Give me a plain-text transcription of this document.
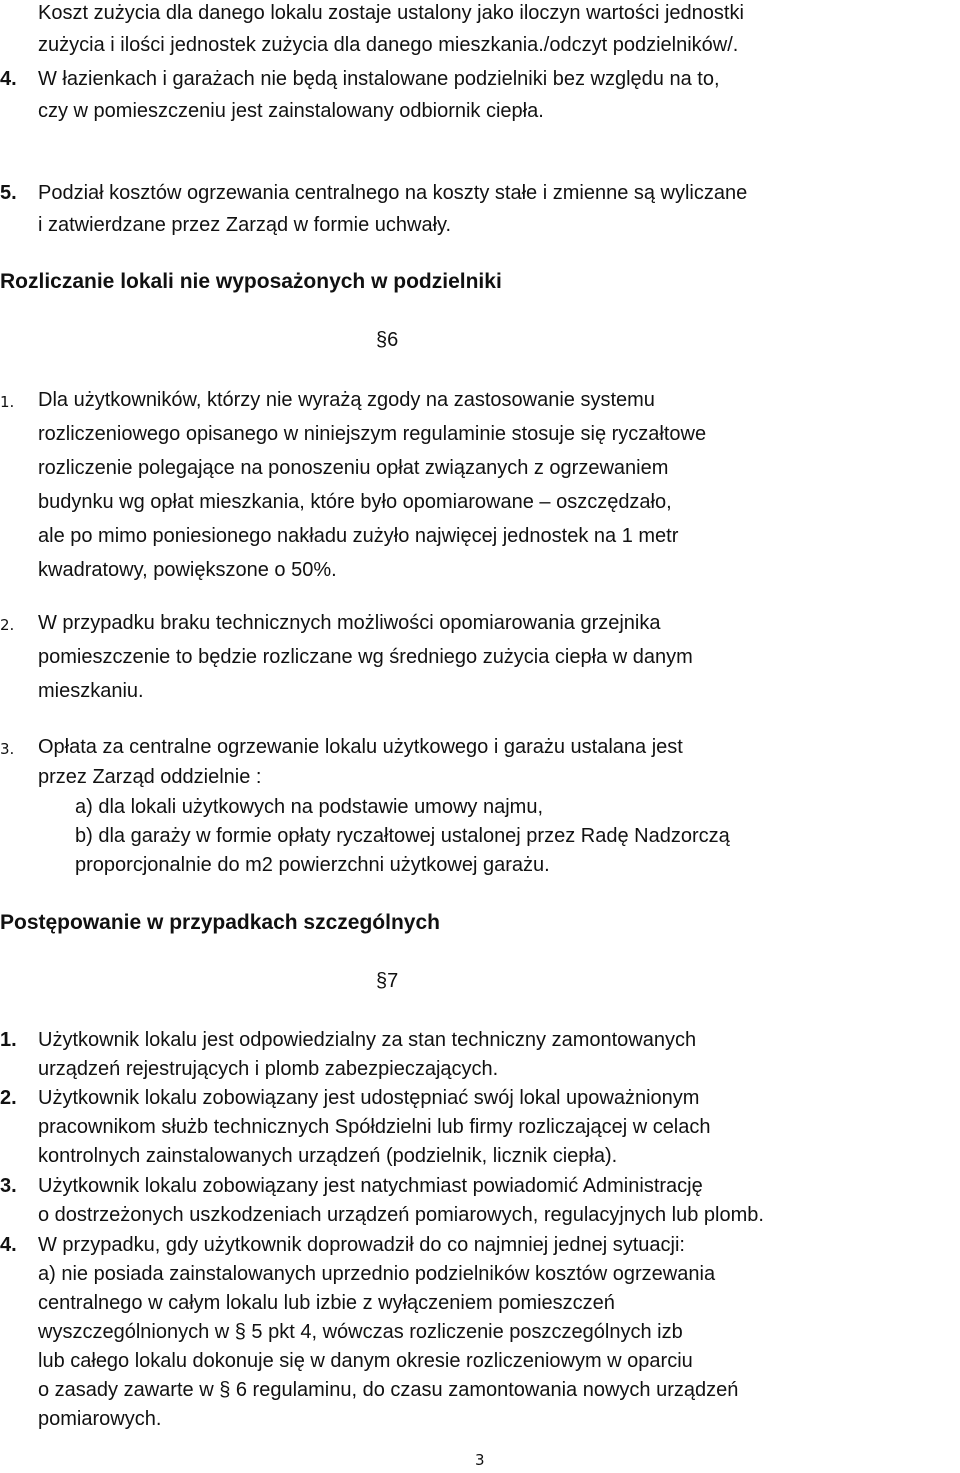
Koszt zużycia dla danego lokalu zostaje ustalony jako iloczyn wartości jednostki
zużycia i ilości jednostek zużycia dla danego mieszkania./odczyt podzielników/.
4. W łazienkach i garażach nie będą instalowane podzielniki bez względu na to,
czy w pomieszczeniu jest zainstalowany odbiornik ciepła.
5. Podział kosztów ogrzewania centralnego na koszty stałe i zmienne są wyliczane
i zatwierdzane przez Zarząd w formie uchwały.
Rozliczanie lokali nie wyposażonych w podzielniki
§6
1. Dla użytkowników, którzy nie wyrażą zgody na zastosowanie systemu
rozliczeniowego opisanego w niniejszym regulaminie stosuje się ryczałtowe
rozliczenie polegające na ponoszeniu opłat związanych z ogrzewaniem
budynku wg opłat mieszkania, które było opomiarowane – oszczędzało,
ale po mimo poniesionego nakładu zużyło najwięcej jednostek na 1 metr
kwadratowy, powiększone o 50%.
2. W przypadku braku technicznych możliwości opomiarowania grzejnika
pomieszczenie to będzie rozliczane wg średniego zużycia ciepła w danym
mieszkaniu.
3. Opłata za centralne ogrzewanie lokalu użytkowego i garażu ustalana jest
przez Zarząd oddzielnie :
a) dla lokali użytkowych na podstawie umowy najmu,
b) dla garaży w formie opłaty ryczałtowej ustalonej przez Radę Nadzorczą
proporcjonalnie do m2 powierzchni użytkowej garażu.
Postępowanie w przypadkach szczególnych
§7
1. Użytkownik lokalu jest odpowiedzialny za stan techniczny zamontowanych
urządzeń rejestrujących i plomb zabezpieczających.
2. Użytkownik lokalu zobowiązany jest udostępniać swój lokal upoważnionym
pracownikom służb technicznych Spółdzielni lub firmy rozliczającej w celach
kontrolnych zainstalowanych urządzeń (podzielnik, licznik ciepła).
3. Użytkownik lokalu zobowiązany jest natychmiast powiadomić Administrację
o dostrzeżonych uszkodzeniach urządzeń pomiarowych, regulacyjnych lub plomb.
4. W przypadku, gdy użytkownik doprowadził do co najmniej jednej sytuacji:
a) nie posiada zainstalowanych uprzednio podzielników kosztów ogrzewania
centralnego w całym lokalu lub izbie z wyłączeniem pomieszczeń
wyszczególnionych w § 5 pkt 4, wówczas rozliczenie poszczególnych izb
lub całego lokalu dokonuje się w danym okresie rozliczeniowym w oparciu
o zasady zawarte w § 6 regulaminu, do czasu zamontowania nowych urządzeń
pomiarowych.
3
